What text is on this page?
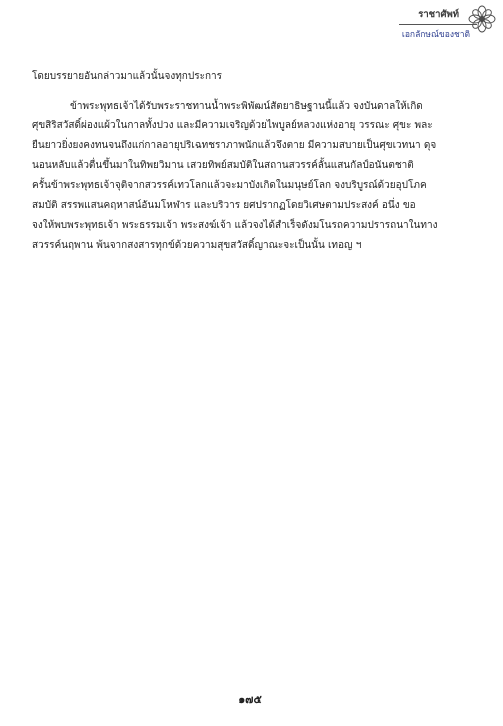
ราชาศัพท์
เอกลักษณ์ของชาติ
โดยบรรยายอันกล่าวมาแล้วนั้นจงทุกประการ
ข้าพระพุทธเจ้าได้รับพระราชทานน้ำพระพิพัฒน์สัตยาธิษฐานนี้แล้ว จงบันดาลให้เกิด
ศุขสิริสวัสดิ์ผ่องแผ้วในกาลทั้งปวง และมีความเจริญด้วยไพบูลย์หลวงแห่งอายุ วรรณะ ศุขะ พละ
ยืนยาวยิ่งยงคงทนจนถึงแก่กาลอายุปริเฉทชราภาพนักแล้วจึงตาย มีความสบายเป็นศุขเวทนา ดุจ
นอนหลับแล้วตื่นขึ้นมาในทิพยวิมาน เสวยทิพย์สมบัติในสถานสวรรค์ลั้นแสนกัลป์อนันตชาติ
ครั้นข้าพระพุทธเจ้าจุติจากสวรรค์เทวโลกแล้วจะมาบังเกิดในมนุษย์โลก จงบริบูรณ์ด้วยอุปโภค
สมบัติ สรรพแสนคฤหาสน์อันมโหฬาร และบริวาร ยศปรากฏโดยวิเศษตามประสงค์ อนึ่ง ขอ
จงให้พบพระพุทธเจ้า พระธรรมเจ้า พระสงฆ์เจ้า แล้วจงได้สำเร็จดังมโนรถความปรารถนาในทาง
สวรรค์นฤพาน พ้นจากสงสารทุกข์ด้วยความสุขสวัสดิ์ญาณะจะเป็นนั้น เทอญ ฯ
๑๗๕
